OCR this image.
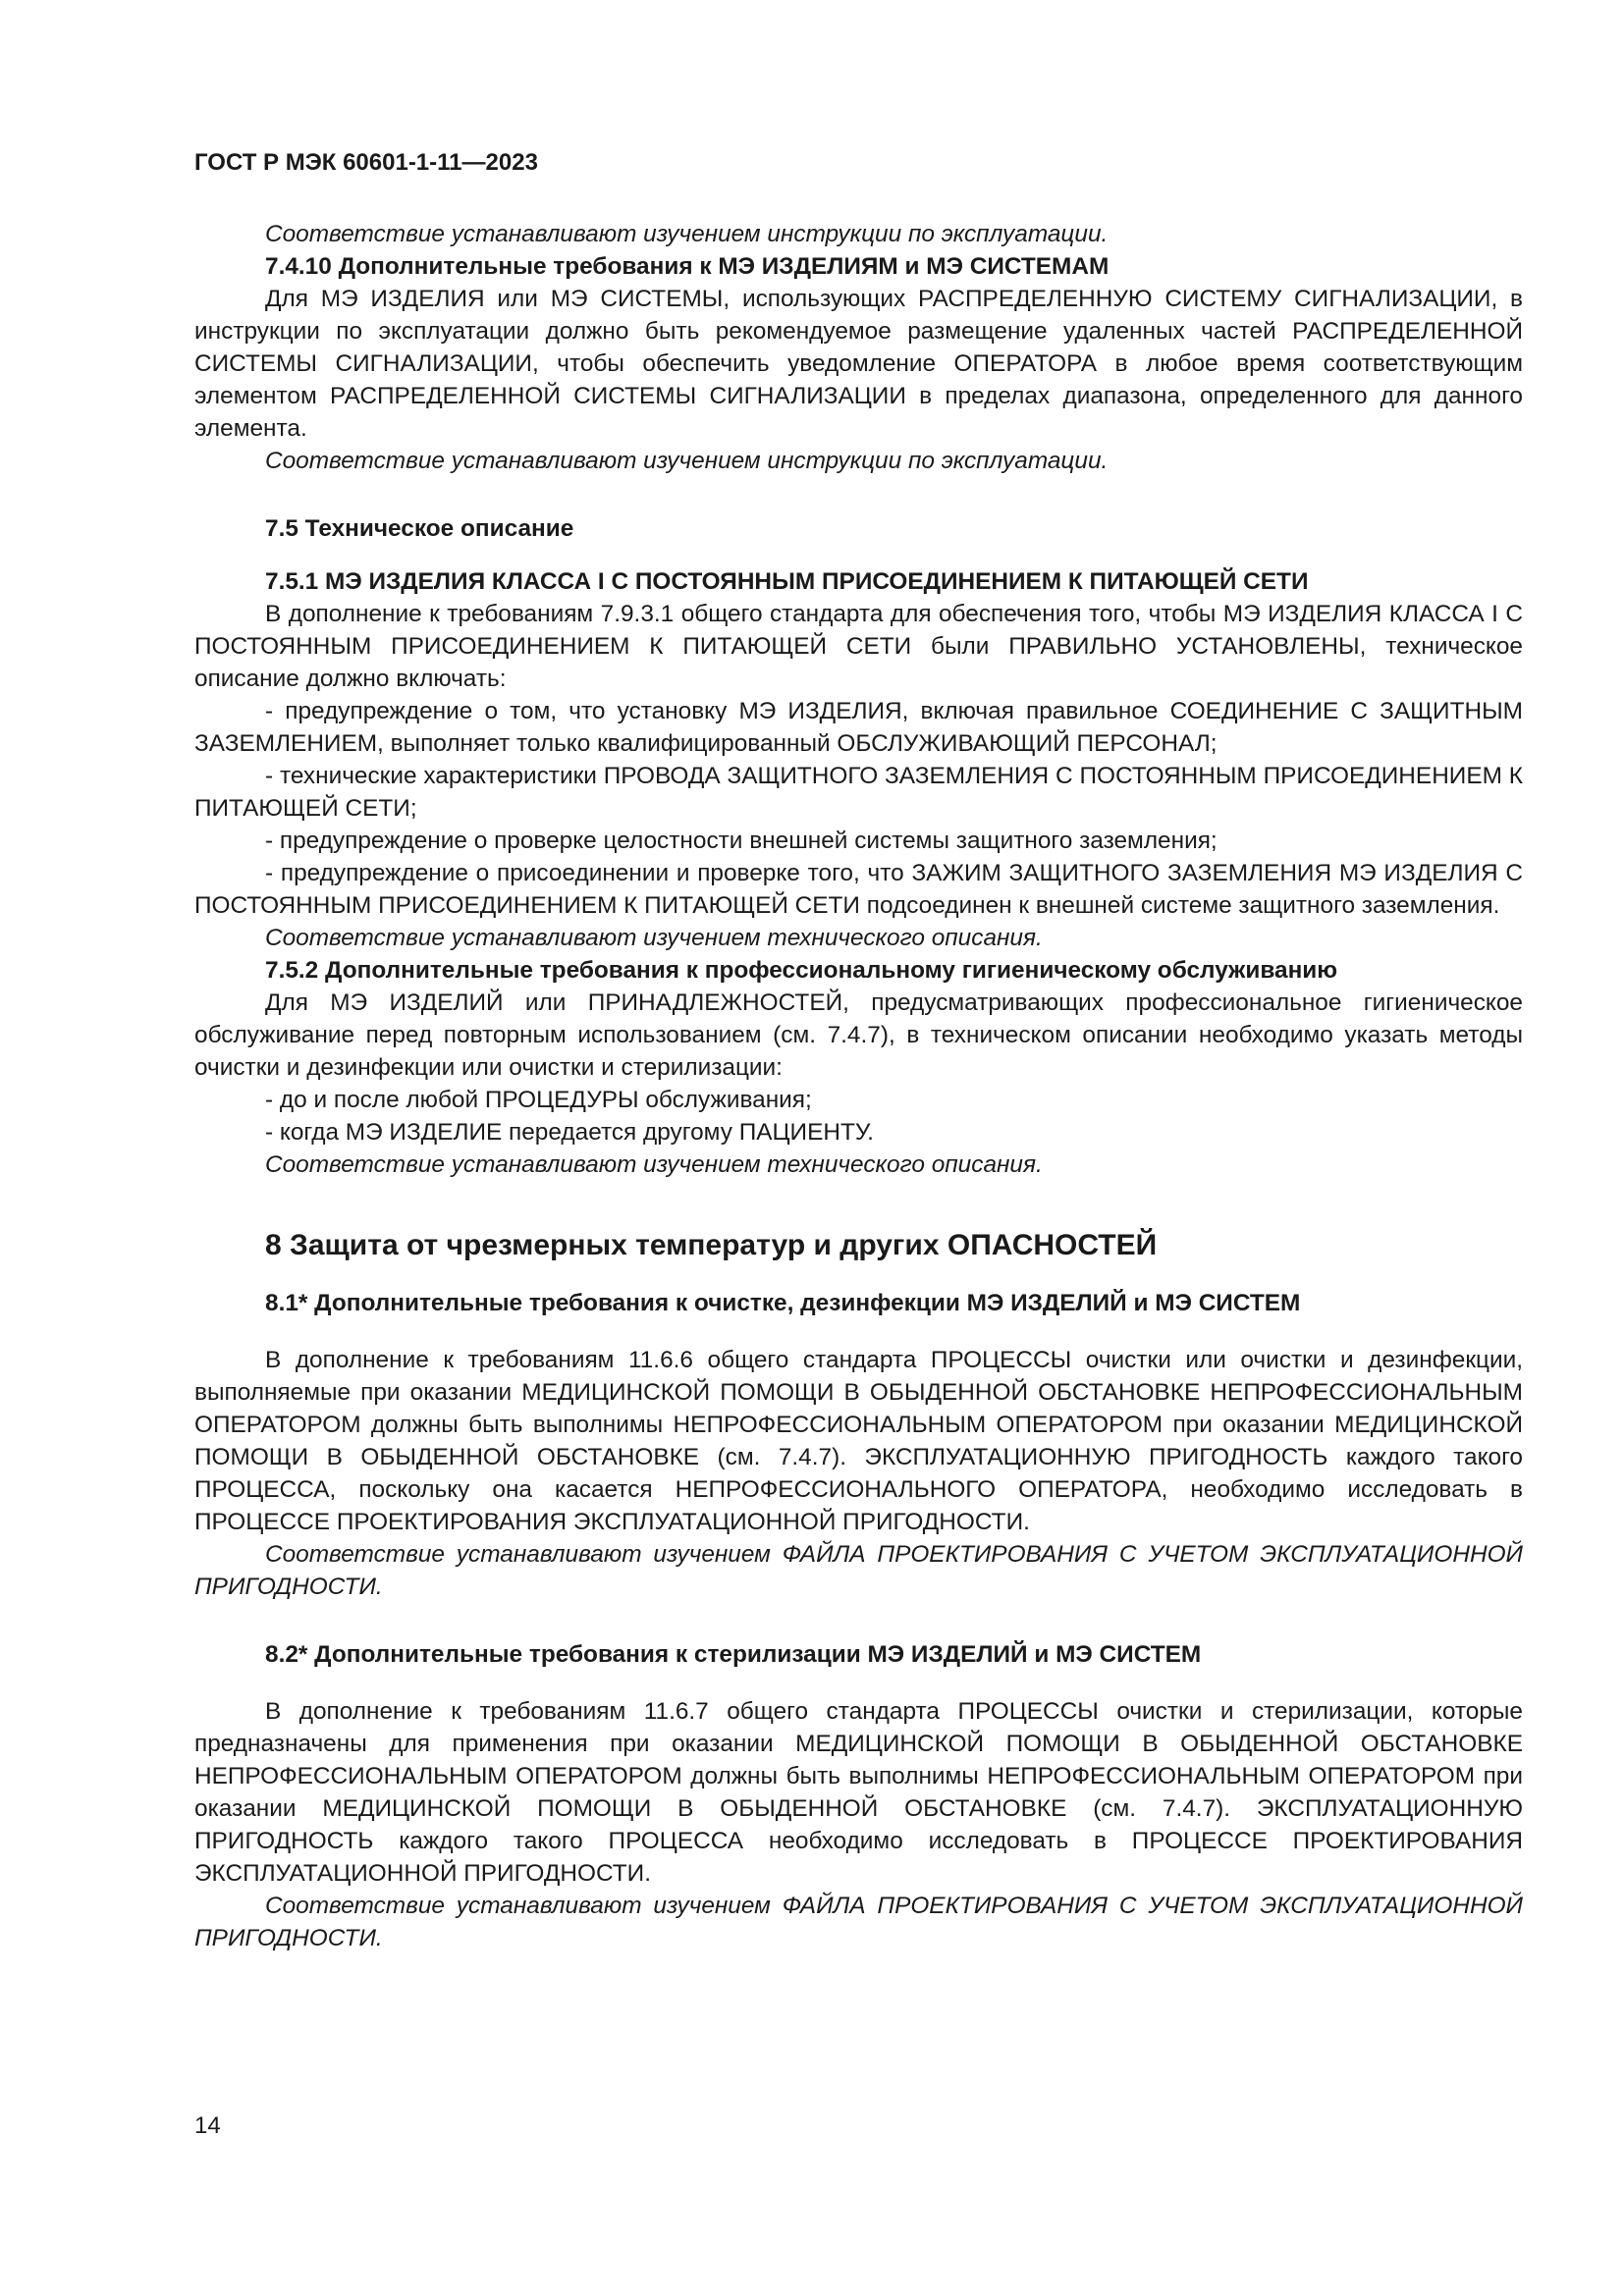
ГОСТ Р МЭК 60601-1-11—2023

Соответствие устанавливают изучением инструкции по эксплуатации.

7.4.10 Дополнительные требования к МЭ ИЗДЕЛИЯМ и МЭ СИСТЕМАМ

Для МЭ ИЗДЕЛИЯ или МЭ СИСТЕМЫ, использующих РАСПРЕДЕЛЕННУЮ СИСТЕМУ СИГНАЛИЗАЦИИ, в инструкции по эксплуатации должно быть рекомендуемое размещение удаленных частей РАСПРЕДЕЛЕННОЙ СИСТЕМЫ СИГНАЛИЗАЦИИ, чтобы обеспечить уведомление ОПЕРАТОРА в любое время соответствующим элементом РАСПРЕДЕЛЕННОЙ СИСТЕМЫ СИГНАЛИЗАЦИИ в пределах диапазона, определенного для данного элемента.

Соответствие устанавливают изучением инструкции по эксплуатации.

7.5 Техническое описание

7.5.1 МЭ ИЗДЕЛИЯ КЛАССА I С ПОСТОЯННЫМ ПРИСОЕДИНЕНИЕМ К ПИТАЮЩЕЙ СЕТИ

В дополнение к требованиям 7.9.3.1 общего стандарта для обеспечения того, чтобы МЭ ИЗДЕЛИЯ КЛАССА I С ПОСТОЯННЫМ ПРИСОЕДИНЕНИЕМ К ПИТАЮЩЕЙ СЕТИ были ПРАВИЛЬНО УСТАНОВЛЕНЫ, техническое описание должно включать:

- предупреждение о том, что установку МЭ ИЗДЕЛИЯ, включая правильное СОЕДИНЕНИЕ С ЗАЩИТНЫМ ЗАЗЕМЛЕНИЕМ, выполняет только квалифицированный ОБСЛУЖИВАЮЩИЙ ПЕРСОНАЛ;

- технические характеристики ПРОВОДА ЗАЩИТНОГО ЗАЗЕМЛЕНИЯ С ПОСТОЯННЫМ ПРИСОЕДИНЕНИЕМ К ПИТАЮЩЕЙ СЕТИ;

- предупреждение о проверке целостности внешней системы защитного заземления;

- предупреждение о присоединении и проверке того, что ЗАЖИМ ЗАЩИТНОГО ЗАЗЕМЛЕНИЯ МЭ ИЗДЕЛИЯ С ПОСТОЯННЫМ ПРИСОЕДИНЕНИЕМ К ПИТАЮЩЕЙ СЕТИ подсоединен к внешней системе защитного заземления.

Соответствие устанавливают изучением технического описания.

7.5.2 Дополнительные требования к профессиональному гигиеническому обслуживанию

Для МЭ ИЗДЕЛИЙ или ПРИНАДЛЕЖНОСТЕЙ, предусматривающих профессиональное гигиеническое обслуживание перед повторным использованием (см. 7.4.7), в техническом описании необходимо указать методы очистки и дезинфекции или очистки и стерилизации:

- до и после любой ПРОЦЕДУРЫ обслуживания;

- когда МЭ ИЗДЕЛИЕ передается другому ПАЦИЕНТУ.

Соответствие устанавливают изучением технического описания.

8 Защита от чрезмерных температур и других ОПАСНОСТЕЙ

8.1* Дополнительные требования к очистке, дезинфекции МЭ ИЗДЕЛИЙ и МЭ СИСТЕМ

В дополнение к требованиям 11.6.6 общего стандарта ПРОЦЕССЫ очистки или очистки и дезинфекции, выполняемые при оказании МЕДИЦИНСКОЙ ПОМОЩИ В ОБЫДЕННОЙ ОБСТАНОВКЕ НЕПРОФЕССИОНАЛЬНЫМ ОПЕРАТОРОМ должны быть выполнимы НЕПРОФЕССИОНАЛЬНЫМ ОПЕРАТОРОМ при оказании МЕДИЦИНСКОЙ ПОМОЩИ В ОБЫДЕННОЙ ОБСТАНОВКЕ (см. 7.4.7). ЭКСПЛУАТАЦИОННУЮ ПРИГОДНОСТЬ каждого такого ПРОЦЕССА, поскольку она касается НЕПРОФЕССИОНАЛЬНОГО ОПЕРАТОРА, необходимо исследовать в ПРОЦЕССЕ ПРОЕКТИРОВАНИЯ ЭКСПЛУАТАЦИОННОЙ ПРИГОДНОСТИ.

Соответствие устанавливают изучением ФАЙЛА ПРОЕКТИРОВАНИЯ С УЧЕТОМ ЭКСПЛУАТАЦИОННОЙ ПРИГОДНОСТИ.

8.2* Дополнительные требования к стерилизации МЭ ИЗДЕЛИЙ и МЭ СИСТЕМ

В дополнение к требованиям 11.6.7 общего стандарта ПРОЦЕССЫ очистки и стерилизации, которые предназначены для применения при оказании МЕДИЦИНСКОЙ ПОМОЩИ В ОБЫДЕННОЙ ОБСТАНОВКЕ НЕПРОФЕССИОНАЛЬНЫМ ОПЕРАТОРОМ должны быть выполнимы НЕПРОФЕССИОНАЛЬНЫМ ОПЕРАТОРОМ при оказании МЕДИЦИНСКОЙ ПОМОЩИ В ОБЫДЕННОЙ ОБСТАНОВКЕ (см. 7.4.7). ЭКСПЛУАТАЦИОННУЮ ПРИГОДНОСТЬ каждого такого ПРОЦЕССА необходимо исследовать в ПРОЦЕССЕ ПРОЕКТИРОВАНИЯ ЭКСПЛУАТАЦИОННОЙ ПРИГОДНОСТИ.

Соответствие устанавливают изучением ФАЙЛА ПРОЕКТИРОВАНИЯ С УЧЕТОМ ЭКСПЛУАТАЦИОННОЙ ПРИГОДНОСТИ.

14
